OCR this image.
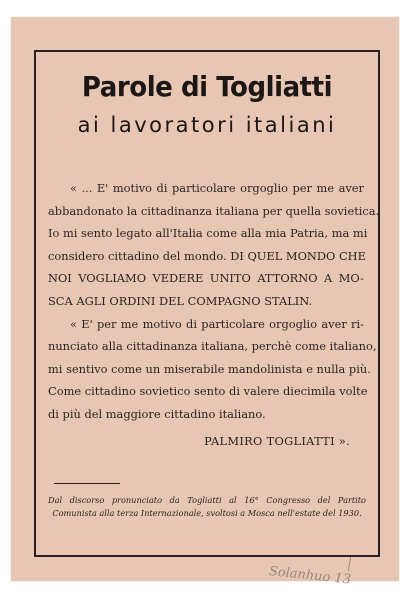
Parole di Togliatti
ai lavoratori italiani

« ... E' motivo di particolare orgoglio per me aver
abbandonato la cittadinanza italiana per quella sovietica.
Io mi sento legato all'Italia come alla mia Patria, ma mi
considero cittadino del mondo. DI QUEL MONDO CHE
NOI VOGLIAMO VEDERE UNITO ATTORNO A MO-
SCA AGLI ORDINI DEL COMPAGNO STALIN.

« E' per me motivo di particolare orgoglio aver ri-
nunciato alla cittadinanza italiana, perchè come italiano,
mi sentivo come un miserabile mandolinista e nulla più.
Come cittadino sovietico sento di valere diecimila volte
di più del maggiore cittadino italiano.

PALMIRO TOGLIATTI ».
Dal discorso pronunciato da Togliatti al 16° Congresso del Partito
Comunista alla terza Internazionale, svoltosi a Mosca nell'estate del 1930.
Solanhuo 13
